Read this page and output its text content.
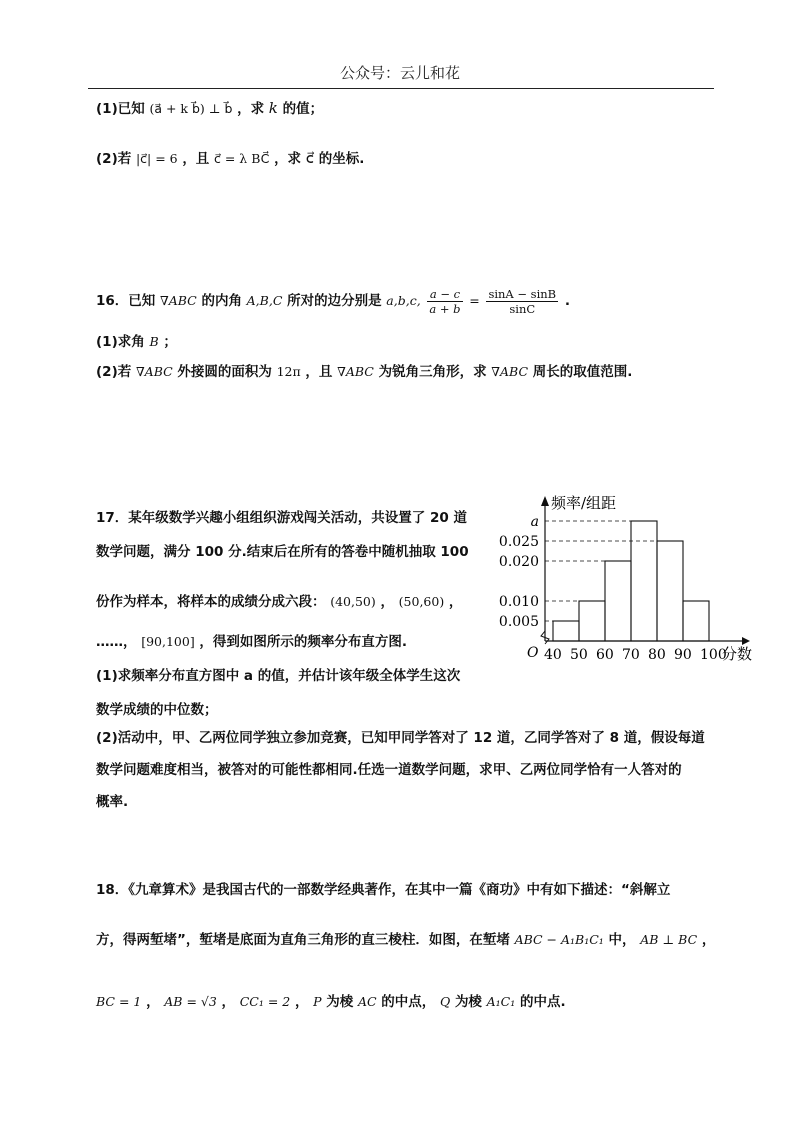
公众号：云儿和花
(1)已知 (a⃗ + k b⃗) ⊥ b⃗ ，求 k 的值；
(2)若 |c⃗| = 6 ，且 c⃗ = λ BC⃗ ，求 c⃗ 的坐标.
16．已知 ∇ABC 的内角 A,B,C 所对的边分别是 a,b,c, $\frac{a - c}{a + b} = \frac{\sin A - \sin B}{\sin C}$ .
(1)求角 B ；
(2)若 ∇ABC 外接圆的面积为 12π ，且 ∇ABC 为锐角三角形，求 ∇ABC 周长的取值范围.
17．某年级数学兴趣小组组织游戏闯关活动，共设置了 20 道
数学问题，满分 100 分.结束后在所有的答卷中随机抽取 100
份作为样本，将样本的成绩分成六段： (40,50) ， (50,60) ，
……， [90,100] ，得到如图所示的频率分布直方图.
(1)求频率分布直方图中 a 的值，并估计该年级全体学生这次
数学成绩的中位数；
(2)活动中，甲、乙两位同学独立参加竞赛，已知甲同学答对了 12 道，乙同学答对了 8 道，假设每道
数学问题难度相当，被答对的可能性都相同.任选一道数学问题，求甲、乙两位同学恰有一人答对的
概率.
频率/组距
分数
O 40 50 60 70 80 90 100
0.005
0.010
0.020
0.025
a
18．《九章算术》是我国古代的一部数学经典著作，在其中一篇《商功》中有如下描述：“斜解立
方，得两堑堵”，堑堵是底面为直角三角形的直三棱柱．如图，在堑堵 ABC − A₁B₁C₁ 中， AB ⊥ BC ，
BC = 1 ， AB = √3 ， CC₁ = 2 ， P 为棱 AC 的中点， Q 为棱 A₁C₁ 的中点.
